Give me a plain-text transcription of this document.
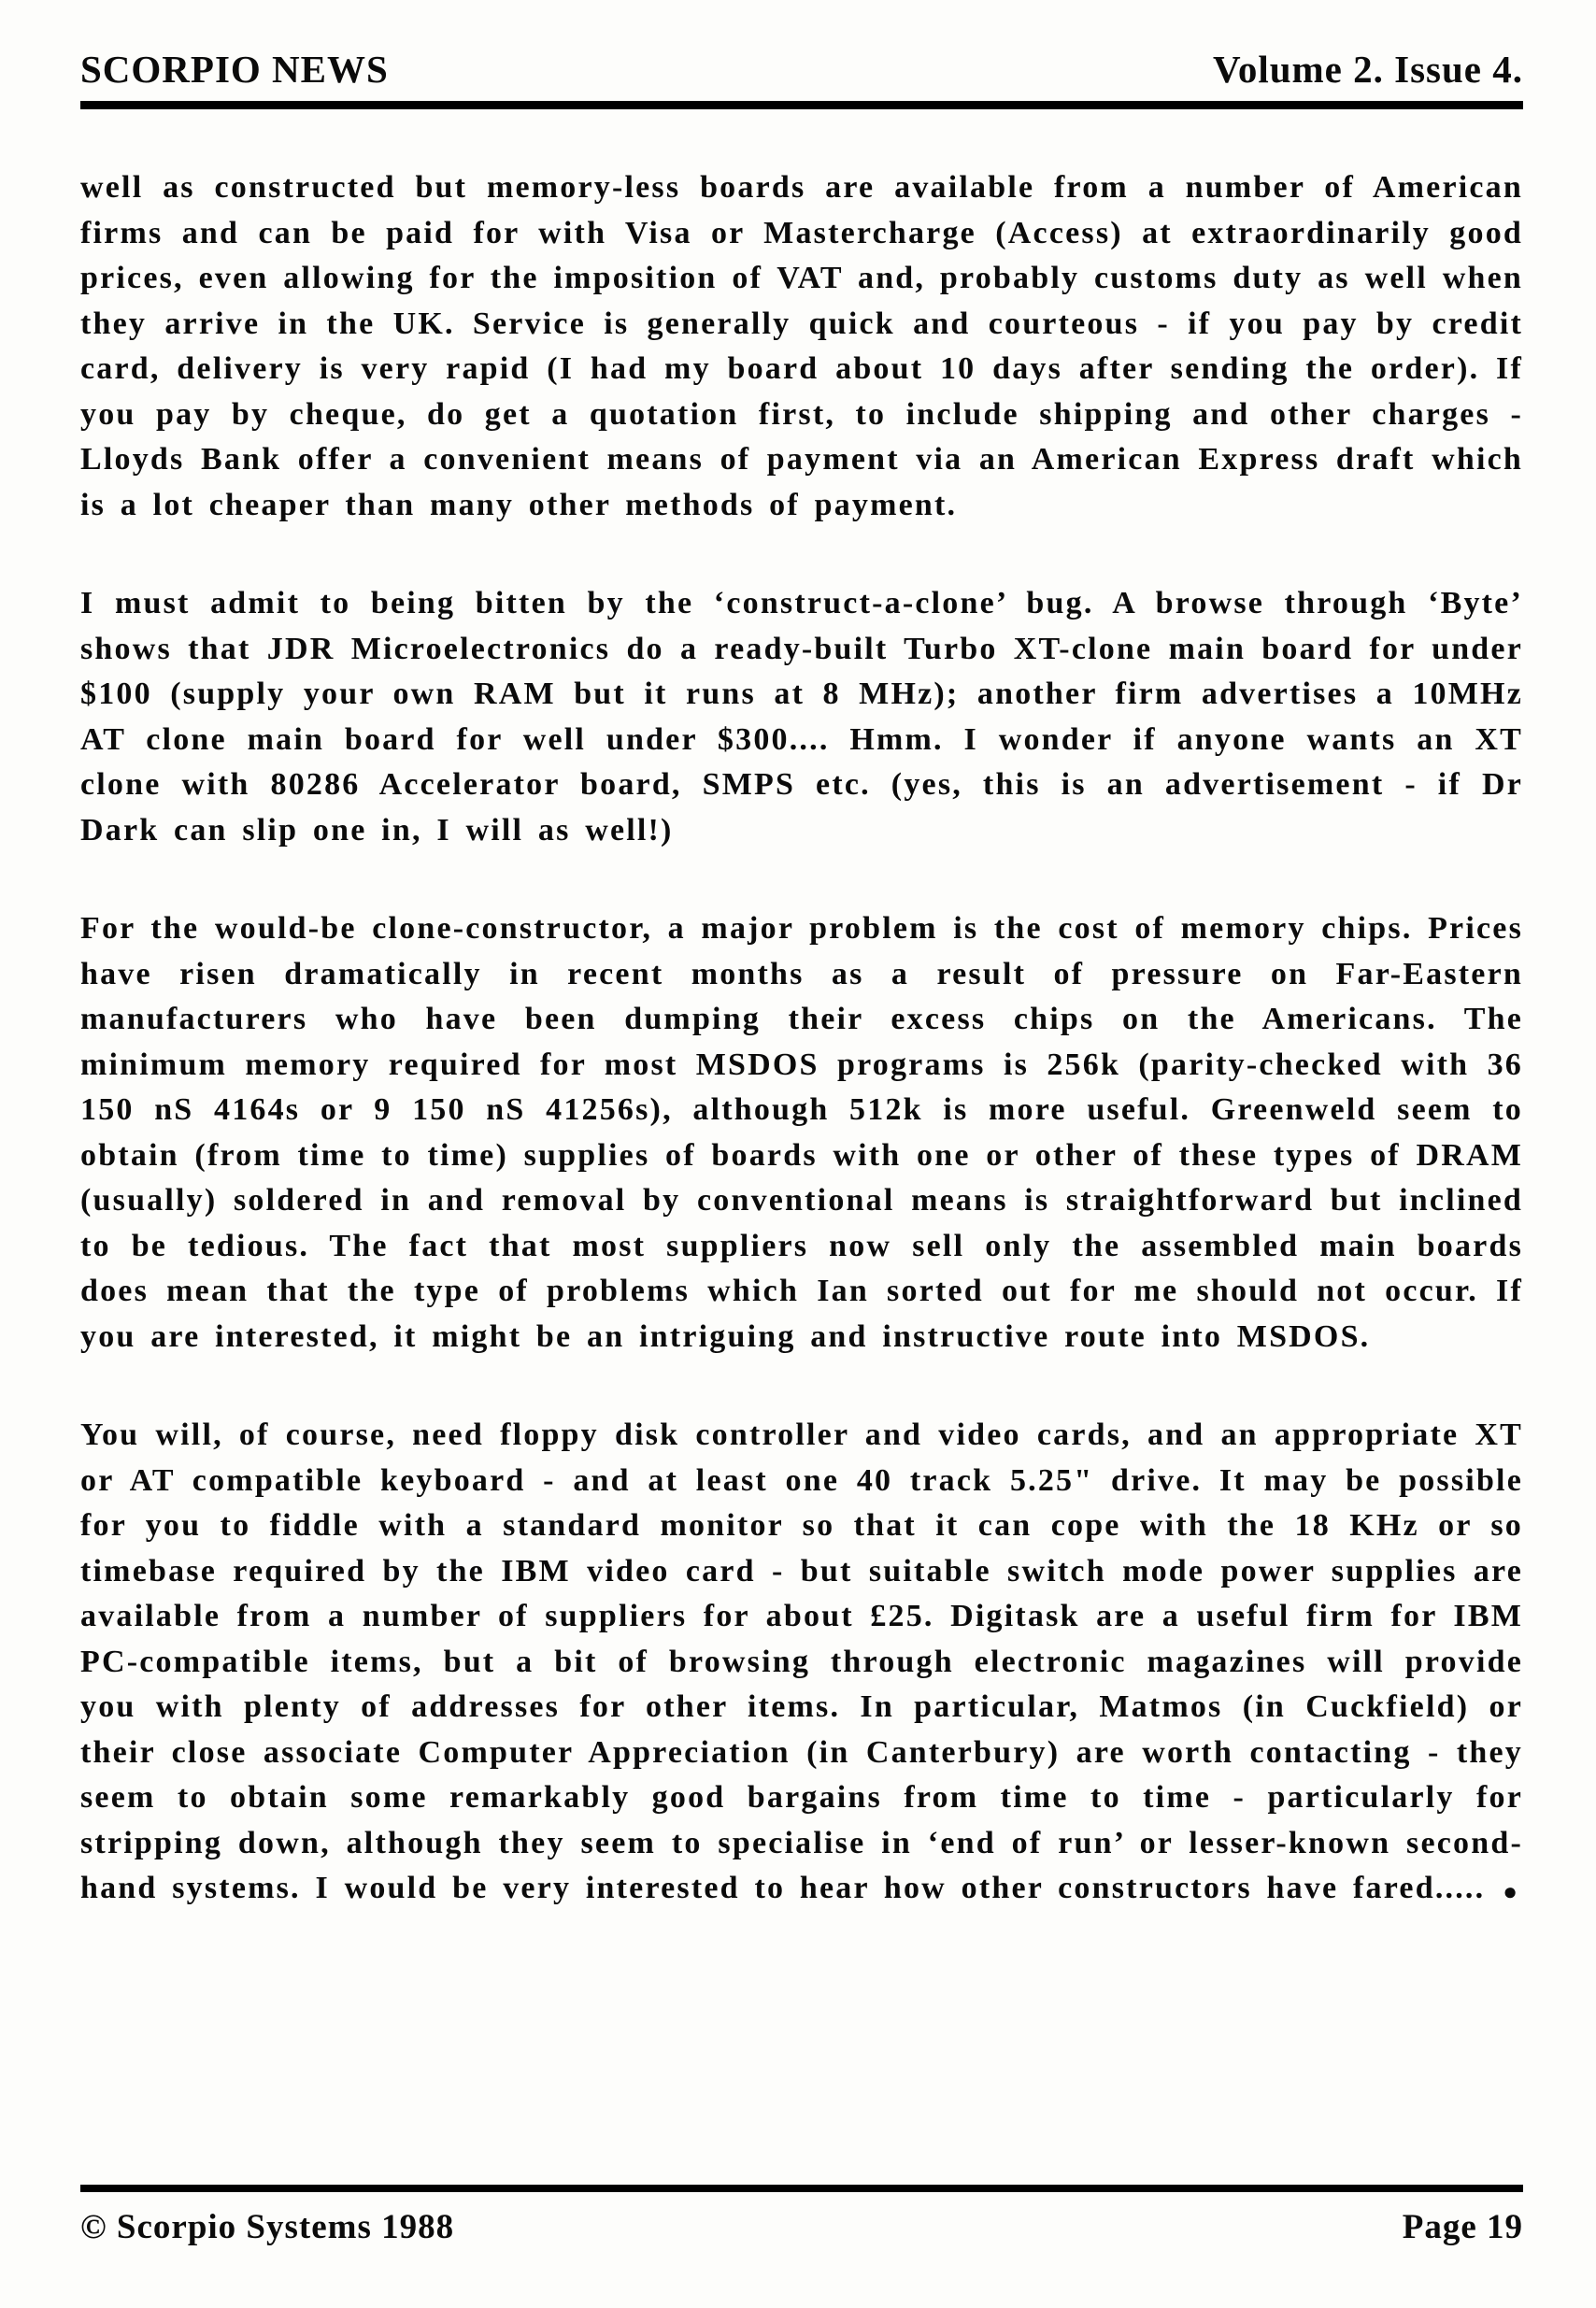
SCORPIO NEWS	Volume 2. Issue 4.

well as constructed but memory-less boards are available from a number of American firms and can be paid for with Visa or Mastercharge (Access) at extraordinarily good prices, even allowing for the imposition of VAT and, probably customs duty as well when they arrive in the UK. Service is generally quick and courteous - if you pay by credit card, delivery is very rapid (I had my board about 10 days after sending the order). If you pay by cheque, do get a quotation first, to include shipping and other charges - Lloyds Bank offer a convenient means of payment via an American Express draft which is a lot cheaper than many other methods of payment.

I must admit to being bitten by the ‘construct-a-clone’ bug. A browse through ‘Byte’ shows that JDR Microelectronics do a ready-built Turbo XT-clone main board for under $100 (supply your own RAM but it runs at 8 MHz); another firm advertises a 10MHz AT clone main board for well under $300.... Hmm. I wonder if anyone wants an XT clone with 80286 Accelerator board, SMPS etc. (yes, this is an advertisement - if Dr Dark can slip one in, I will as well!)

For the would-be clone-constructor, a major problem is the cost of memory chips. Prices have risen dramatically in recent months as a result of pressure on Far-Eastern manufacturers who have been dumping their excess chips on the Americans. The minimum memory required for most MSDOS programs is 256k (parity-checked with 36 150 nS 4164s or 9 150 nS 41256s), although 512k is more useful. Greenweld seem to obtain (from time to time) supplies of boards with one or other of these types of DRAM (usually) soldered in and removal by conventional means is straightforward but inclined to be tedious. The fact that most suppliers now sell only the assembled main boards does mean that the type of problems which Ian sorted out for me should not occur. If you are interested, it might be an intriguing and instructive route into MSDOS.

You will, of course, need floppy disk controller and video cards, and an appropriate XT or AT compatible keyboard - and at least one 40 track 5.25" drive. It may be possible for you to fiddle with a standard monitor so that it can cope with the 18 KHz or so timebase required by the IBM video card - but suitable switch mode power supplies are available from a number of suppliers for about £25. Digitask are a useful firm for IBM PC-compatible items, but a bit of browsing through electronic magazines will provide you with plenty of addresses for other items. In particular, Matmos (in Cuckfield) or their close associate Computer Appreciation (in Canterbury) are worth contacting - they seem to obtain some remarkably good bargains from time to time - particularly for stripping down, although they seem to specialise in ‘end of run’ or lesser-known second-hand systems. I would be very interested to hear how other constructors have fared..... ●
© Scorpio Systems 1988	Page 19
